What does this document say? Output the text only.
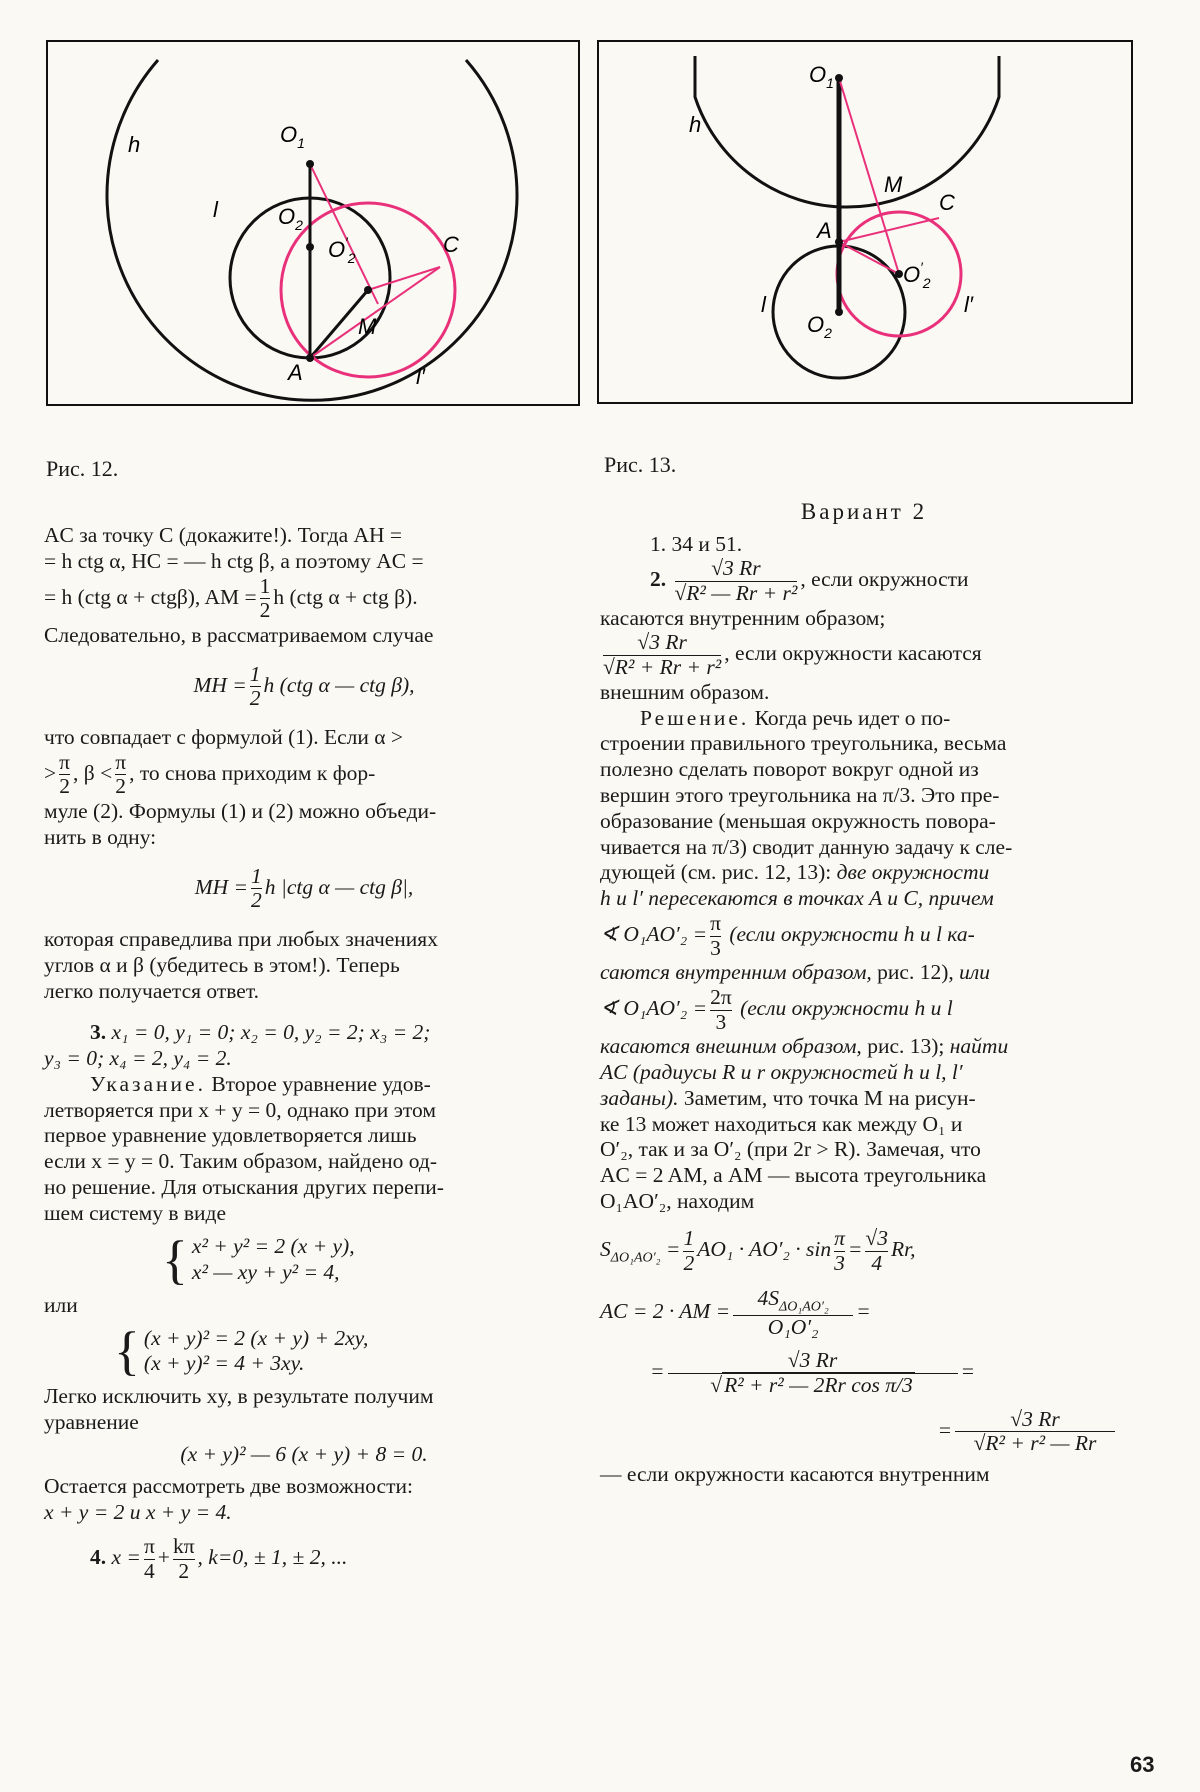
h
l
$O_1$
$O_2$
$O'_2$
C
A
M
l′
Рис. 12.
$O_1$
h
M
C
A
$O'_2$
l
$O_2$
l′
Рис. 13.

AC за точку C (докажите!). Тогда AH =

= h ctg α, HC = — h ctg β, а поэтому AC =

= h (ctg α + ctgβ), AM = $\frac{1}{2}$ h (ctg α + ctg β).

Следовательно, в рассматриваемом случае

MH = $\frac{1}{2}$ h (ctg α — ctg β),

что совпадает с формулой (1). Если α >

> $\frac{\pi}{2}$ , $\beta < \frac{\pi}{2}$ , то снова приходим к фор-

муле (2). Формулы (1) и (2) можно объеди-

нить в одну:

MH = $\frac{1}{2}$ h |ctg α — ctg β|,

которая справедлива при любых значениях

углов α и β (убедитесь в этом!). Теперь

легко получается ответ.

3. x₁ = 0, y₁ = 0; x₂ = 0, y₂ = 2; x₃ = 2;

y₃ = 0; x₄ = 2, y₄ = 2.

Указание. Второе уравнение удов-

летворяется при x + y = 0, однако при этом

первое уравнение удовлетворяется лишь

если x = y = 0. Таким образом, найдено од-

но решение. Для отыскания других перепи-

шем систему в виде

{ x² + y² = 2 (x + y),
x² — xy + y² = 4,

или

{ (x + y)² = 2 (x + y) + 2xy,
(x + y)² = 4 + 3xy.

Легко исключить xy, в результате получим

уравнение

(x + y)² — 6 (x + y) + 8 = 0.

Остается рассмотреть две возможности:

x + y = 2 и x + y = 4.

4. $x = \frac{\pi}{4} + \frac{k\pi}{2}$ , k=0, ± 1, ± 2, ...

Вариант 2

1. 34 и 51.

2. $\frac{√3 Rr}{\text{√R² — Rr + r²}}$ , если окружности

касаются внутренним образом;

$\frac{√3 Rr}{\text{√R² + Rr + r²}}$ , если окружности касаются

внешним образом.

Решение. Когда речь идет о по-

строении правильного треугольника, весьма

полезно сделать поворот вокруг одной из

вершин этого треугольника на π/3. Это пре-

образование (меньшая окружность повора-

чивается на π/3) сводит данную задачу к сле-

дующей (см. рис. 12, 13): две окружности

h и l′ пересекаются в точках A и C, причем

∢ $O_1AO'_2 = \frac{\pi}{3}$ (если окружности h и l ка-

саются внутренним образом, рис. 12), или

∢ $O_1AO'_2 = \frac{2\pi}{3}$ (если окружности h и l

касаются внешним образом, рис. 13); найти

AC (радиусы R и r окружностей h и l, l′

заданы). Заметим, что точка M на рисун-

ке 13 может находиться как между O₁ и

O′₂, так и за O′₂ (при 2r > R). Замечая, что

AC = 2 AM, а AM — высота треугольника

O₁AO′₂, находим

$S_{\Delta O_1AO'_2} = \frac{1}{2} AO_1 \cdot AO'_2 \cdot \sin \frac{\pi}{3} = \frac{√3}{4} Rr$,

AC = 2 · AM = $\frac{4S_{\Delta O_1AO'_2}}{\text{O₁O′₂}}$ =

= $\frac{√3 Rr}{\text{√R² + r² — 2Rr cos π/3}}$ =

= $\frac{√3 Rr}{\text{√R² + r² — Rr}}$

— если окружности касаются внутренним

63
